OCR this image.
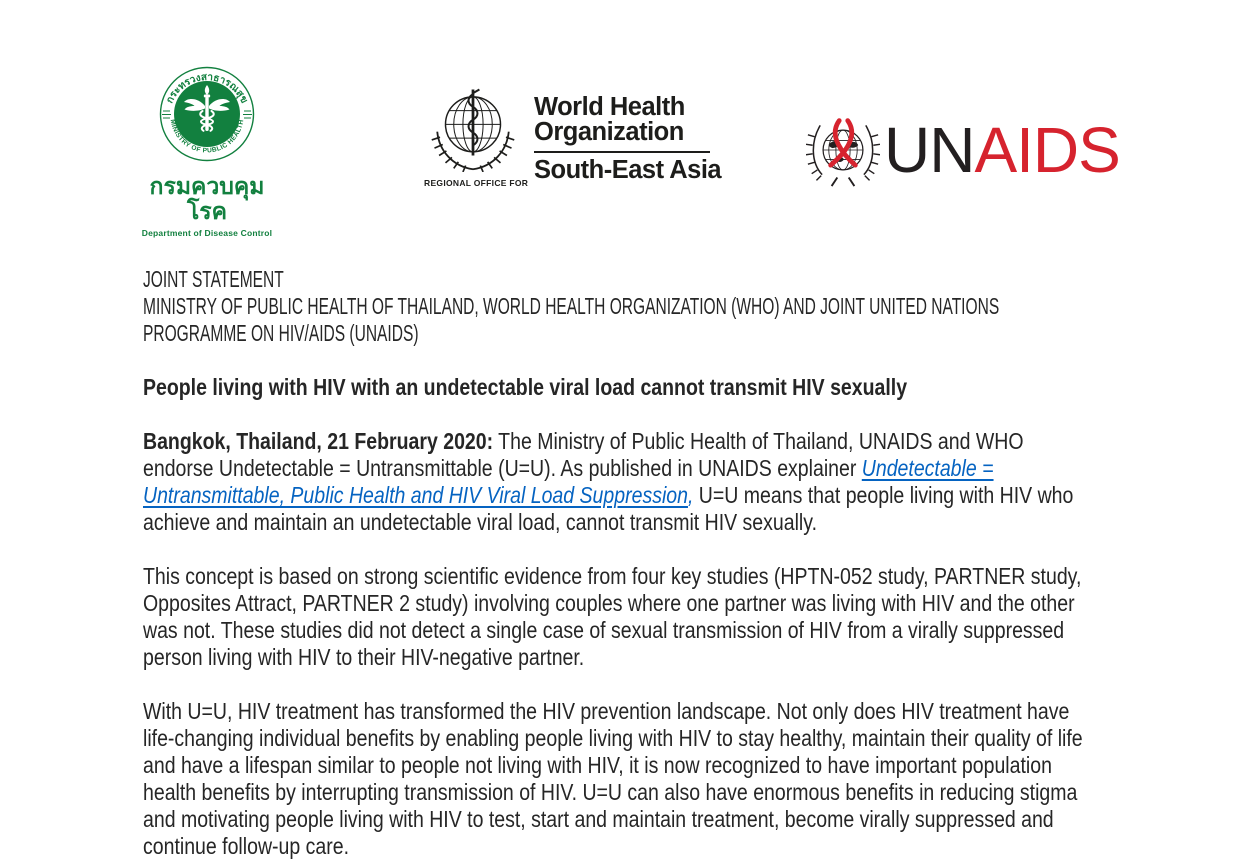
กระทรวงสาธารณสุข
MINISTRY OF PUBLIC HEALTH
กรมควบคุมโรค
Department of Disease Control
REGIONAL OFFICE FOR
World Health
Organization
South-East Asia	UNAIDS
JOINT STATEMENT
MINISTRY OF PUBLIC HEALTH OF THAILAND, WORLD HEALTH ORGANIZATION (WHO) AND JOINT UNITED NATIONS PROGRAMME ON HIV/AIDS (UNAIDS)
People living with HIV with an undetectable viral load cannot transmit HIV sexually
Bangkok, Thailand, 21 February 2020: The Ministry of Public Health of Thailand, UNAIDS and WHO endorse Undetectable = Untransmittable (U=U). As published in UNAIDS explainer Undetectable = Untransmittable, Public Health and HIV Viral Load Suppression, U=U means that people living with HIV who achieve and maintain an undetectable viral load, cannot transmit HIV sexually.
This concept is based on strong scientific evidence from four key studies (HPTN-052 study, PARTNER study, Opposites Attract, PARTNER 2 study) involving couples where one partner was living with HIV and the other was not. These studies did not detect a single case of sexual transmission of HIV from a virally suppressed person living with HIV to their HIV-negative partner.
With U=U, HIV treatment has transformed the HIV prevention landscape. Not only does HIV treatment have life-changing individual benefits by enabling people living with HIV to stay healthy, maintain their quality of life and have a lifespan similar to people not living with HIV, it is now recognized to have important population health benefits by interrupting transmission of HIV. U=U can also have enormous benefits in reducing stigma and motivating people living with HIV to test, start and maintain treatment, become virally suppressed and continue follow-up care.
